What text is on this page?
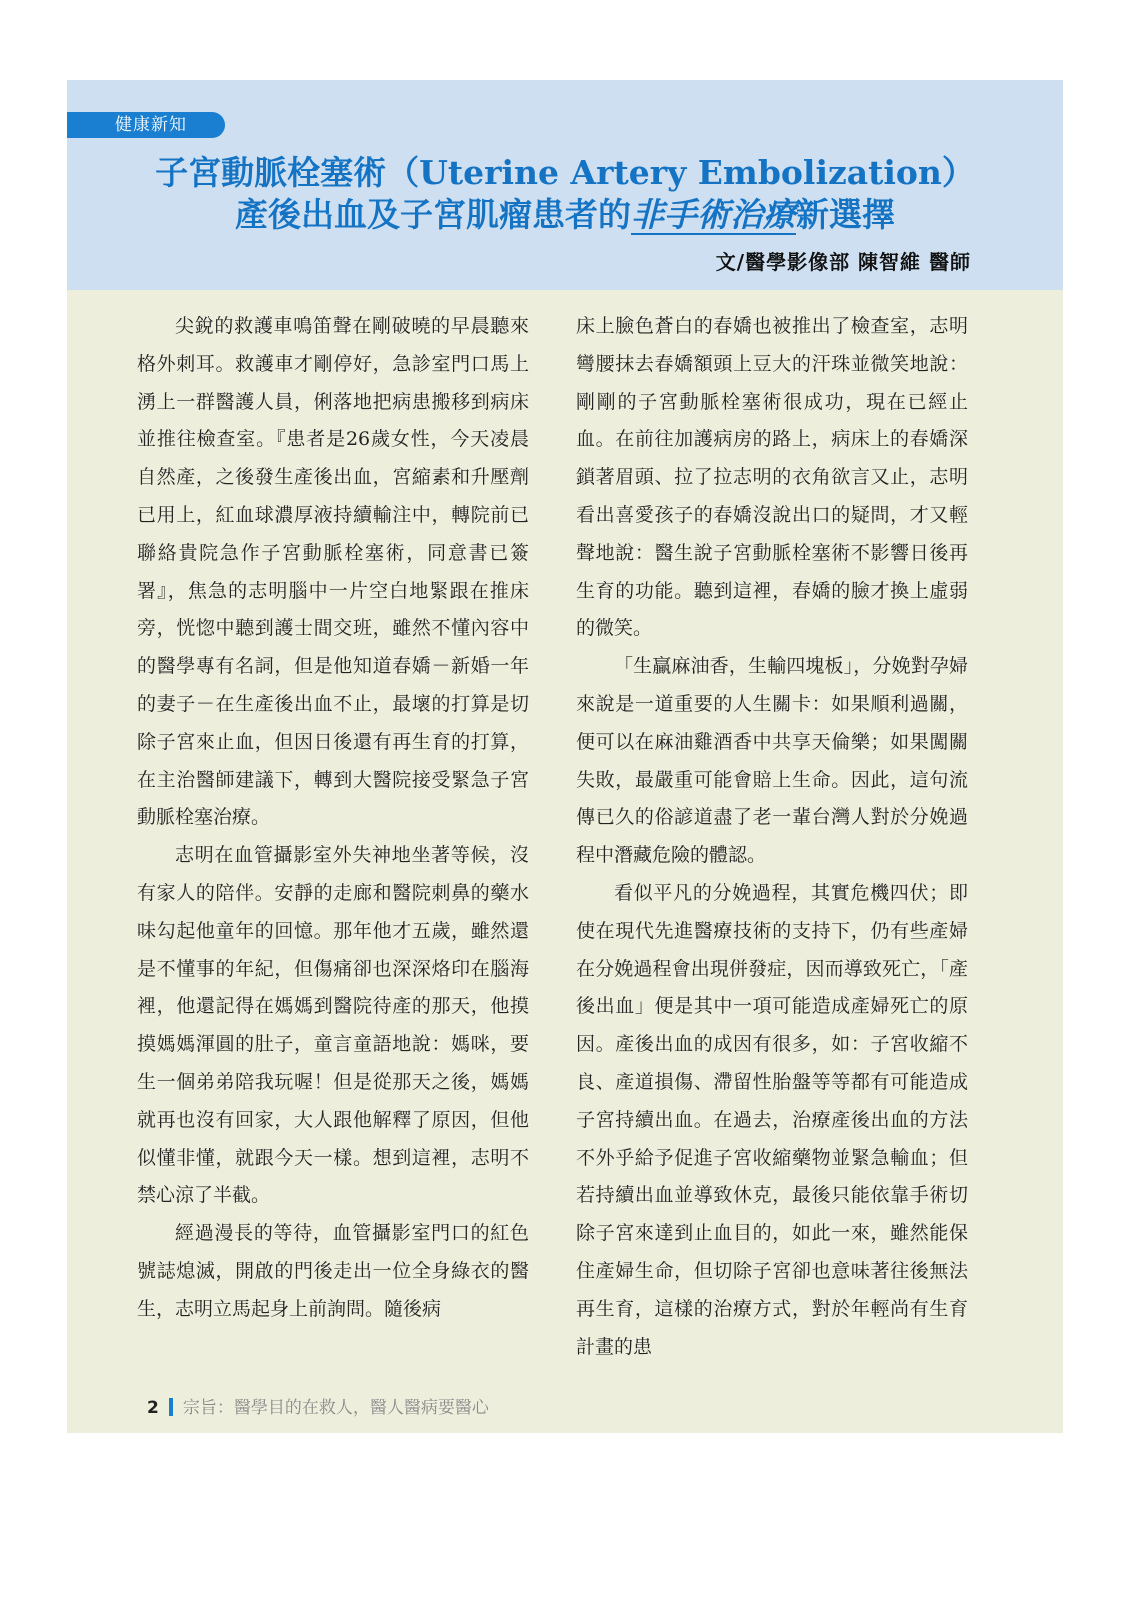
健康新知
子宮動脈栓塞術（Uterine Artery Embolization）
產後出血及子宮肌瘤患者的非手術治療新選擇
文/醫學影像部 陳智維 醫師

尖銳的救護車鳴笛聲在剛破曉的早晨聽來格外刺耳。救護車才剛停好，急診室門口馬上湧上一群醫護人員，俐落地把病患搬移到病床並推往檢查室。『患者是26歲女性，今天凌晨自然產，之後發生產後出血，宮縮素和升壓劑已用上，紅血球濃厚液持續輸注中，轉院前已聯絡貴院急作子宮動脈栓塞術，同意書已簽署』，焦急的志明腦中一片空白地緊跟在推床旁，恍惚中聽到護士間交班，雖然不懂內容中的醫學專有名詞，但是他知道春嬌－新婚一年的妻子－在生產後出血不止，最壞的打算是切除子宮來止血，但因日後還有再生育的打算，在主治醫師建議下，轉到大醫院接受緊急子宮動脈栓塞治療。

志明在血管攝影室外失神地坐著等候，沒有家人的陪伴。安靜的走廊和醫院刺鼻的藥水味勾起他童年的回憶。那年他才五歲，雖然還是不懂事的年紀，但傷痛卻也深深烙印在腦海裡，他還記得在媽媽到醫院待產的那天，他摸摸媽媽渾圓的肚子，童言童語地說：媽咪，要生一個弟弟陪我玩喔！但是從那天之後，媽媽就再也沒有回家，大人跟他解釋了原因，但他似懂非懂，就跟今天一樣。想到這裡，志明不禁心涼了半截。

經過漫長的等待，血管攝影室門口的紅色號誌熄滅，開啟的門後走出一位全身綠衣的醫生，志明立馬起身上前詢問。隨後病

床上臉色蒼白的春嬌也被推出了檢查室，志明彎腰抹去春嬌額頭上豆大的汗珠並微笑地說：剛剛的子宮動脈栓塞術很成功，現在已經止血。在前往加護病房的路上，病床上的春嬌深鎖著眉頭、拉了拉志明的衣角欲言又止，志明看出喜愛孩子的春嬌沒說出口的疑問，才又輕聲地說：醫生說子宮動脈栓塞術不影響日後再生育的功能。聽到這裡，春嬌的臉才換上虛弱的微笑。

「生贏麻油香，生輸四塊板」，分娩對孕婦來說是一道重要的人生關卡：如果順利過關，便可以在麻油雞酒香中共享天倫樂；如果闖關失敗，最嚴重可能會賠上生命。因此，這句流傳已久的俗諺道盡了老一輩台灣人對於分娩過程中潛藏危險的體認。

看似平凡的分娩過程，其實危機四伏；即使在現代先進醫療技術的支持下，仍有些產婦在分娩過程會出現併發症，因而導致死亡，「產後出血」便是其中一項可能造成產婦死亡的原因。產後出血的成因有很多，如：子宮收縮不良、產道損傷、滯留性胎盤等等都有可能造成子宮持續出血。在過去，治療產後出血的方法不外乎給予促進子宮收縮藥物並緊急輸血；但若持續出血並導致休克，最後只能依靠手術切除子宮來達到止血目的，如此一來，雖然能保住產婦生命，但切除子宮卻也意味著往後無法再生育，這樣的治療方式，對於年輕尚有生育計畫的患

2 宗旨：醫學目的在救人，醫人醫病要醫心
